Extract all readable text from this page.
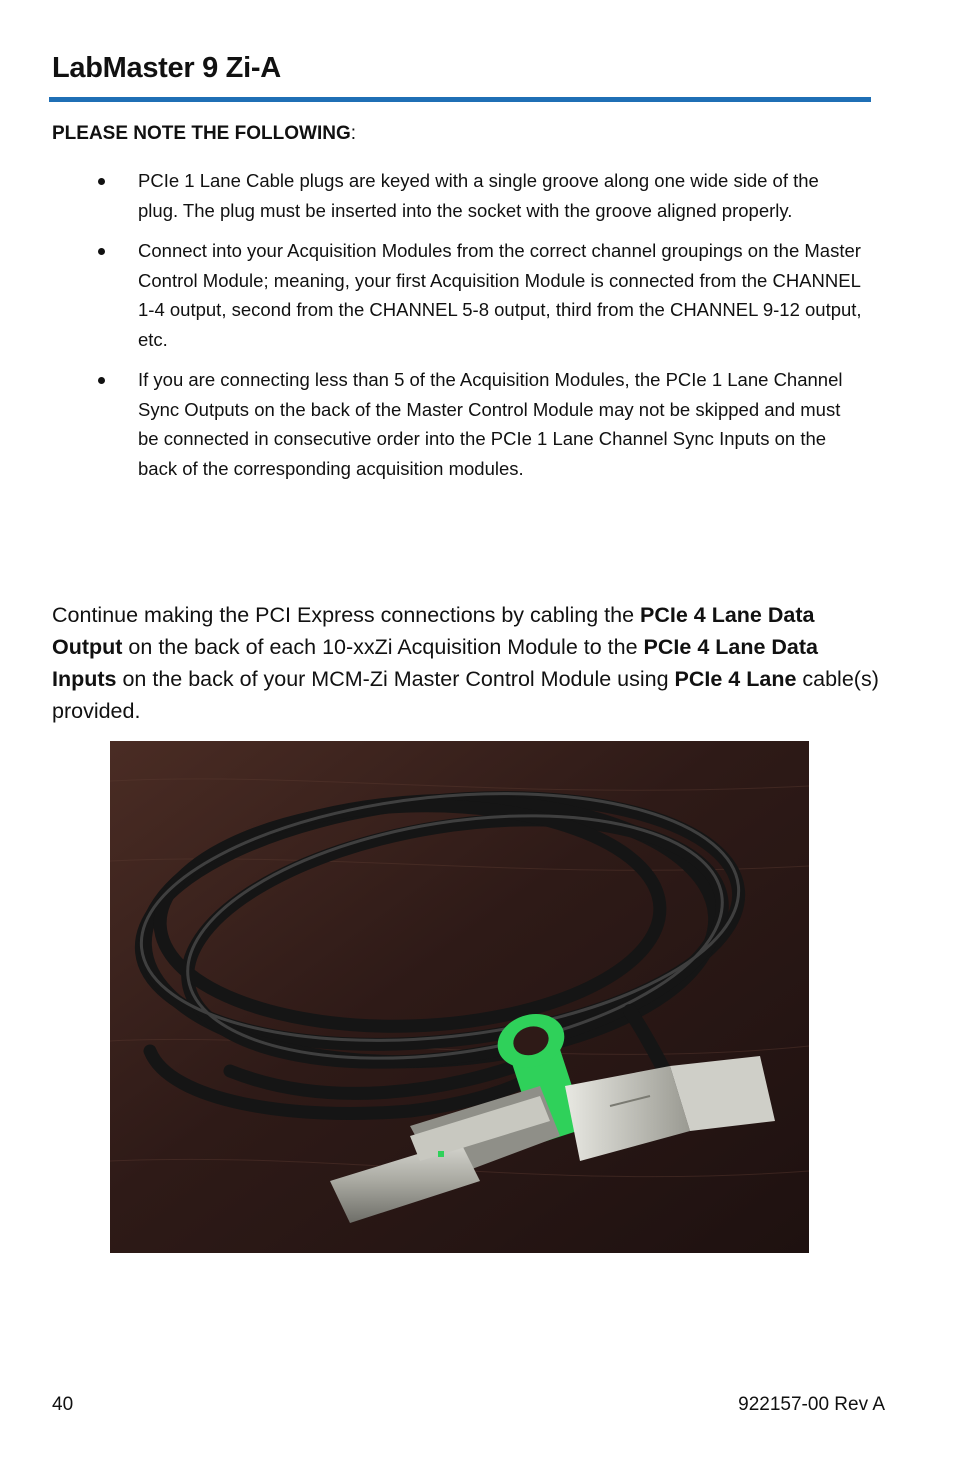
LabMaster 9 Zi-A
PLEASE NOTE THE FOLLOWING:
PCIe 1 Lane Cable plugs are keyed with a single groove along one wide side of the plug. The plug must be inserted into the socket with the groove aligned properly.
Connect into your Acquisition Modules from the correct channel groupings on the Master Control Module; meaning, your first Acquisition Module is connected from the CHANNEL 1-4 output, second from the CHANNEL 5-8 output, third from the CHANNEL 9-12 output, etc.
If you are connecting less than 5 of the Acquisition Modules, the PCIe 1 Lane Channel Sync Outputs on the back of the Master Control Module may not be skipped and must be connected in consecutive order into the PCIe 1 Lane Channel Sync Inputs on the back of the corresponding acquisition modules.
Continue making the PCI Express connections by cabling the PCIe 4 Lane Data Output on the back of each 10-xxZi Acquisition Module to the PCIe 4 Lane Data Inputs on the back of your MCM-Zi Master Control Module using PCIe 4 Lane cable(s) provided.
40	922157-00 Rev A
